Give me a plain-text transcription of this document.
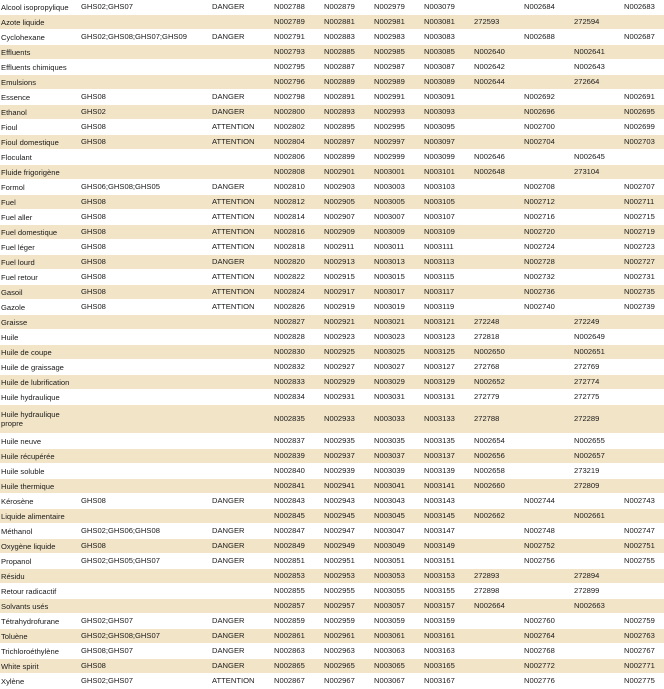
Alcool isopropylique	GHS02;GHS07	DANGER	N002788	N002879	N002979	N003079		N002684		N002683
Azote liquide			N002789	N002881	N002981	N003081	272593		272594	
Cyclohexane	GHS02;GHS08;GHS07;GHS09	DANGER	N002791	N002883	N002983	N003083		N002688		N002687
Effluents			N002793	N002885	N002985	N003085	N002640		N002641	
Effluents chimiques			N002795	N002887	N002987	N003087	N002642		N002643	
Emulsions			N002796	N002889	N002989	N003089	N002644		272664	
Essence	GHS08	DANGER	N002798	N002891	N002991	N003091		N002692		N002691
Ethanol	GHS02	DANGER	N002800	N002893	N002993	N003093		N002696		N002695
Fioul	GHS08	ATTENTION	N002802	N002895	N002995	N003095		N002700		N002699
Fioul domestique	GHS08	ATTENTION	N002804	N002897	N002997	N003097		N002704		N002703
Floculant			N002806	N002899	N002999	N003099	N002646		N002645	
Fluide frigorigène			N002808	N002901	N003001	N003101	N002648		273104	
Formol	GHS06;GHS08;GHS05	DANGER	N002810	N002903	N003003	N003103		N002708		N002707
Fuel	GHS08	ATTENTION	N002812	N002905	N003005	N003105		N002712		N002711
Fuel aller	GHS08	ATTENTION	N002814	N002907	N003007	N003107		N002716		N002715
Fuel domestique	GHS08	ATTENTION	N002816	N002909	N003009	N003109		N002720		N002719
Fuel léger	GHS08	ATTENTION	N002818	N002911	N003011	N003111		N002724		N002723
Fuel lourd	GHS08	DANGER	N002820	N002913	N003013	N003113		N002728		N002727
Fuel retour	GHS08	ATTENTION	N002822	N002915	N003015	N003115		N002732		N002731
Gasoil	GHS08	ATTENTION	N002824	N002917	N003017	N003117		N002736		N002735
Gazole	GHS08	ATTENTION	N002826	N002919	N003019	N003119		N002740		N002739
Graisse			N002827	N002921	N003021	N003121	272248		272249	
Huile			N002828	N002923	N003023	N003123	272818		N002649	
Huile de coupe			N002830	N002925	N003025	N003125	N002650		N002651	
Huile de graissage			N002832	N002927	N003027	N003127	272768		272769	
Huile de lubrification			N002833	N002929	N003029	N003129	N002652		272774	
Huile hydraulique			N002834	N002931	N003031	N003131	272779		272775	
Huile hydraulique propre			N002835	N002933	N003033	N003133	272788		272289	
Huile neuve			N002837	N002935	N003035	N003135	N002654		N002655	
Huile récupérée			N002839	N002937	N003037	N003137	N002656		N002657	
Huile soluble			N002840	N002939	N003039	N003139	N002658		273219	
Huile thermique			N002841	N002941	N003041	N003141	N002660		272809	
Kérosène	GHS08	DANGER	N002843	N002943	N003043	N003143		N002744		N002743
Liquide alimentaire			N002845	N002945	N003045	N003145	N002662		N002661	
Méthanol	GHS02;GHS06;GHS08	DANGER	N002847	N002947	N003047	N003147		N002748		N002747
Oxygène liquide	GHS08	DANGER	N002849	N002949	N003049	N003149		N002752		N002751
Propanol	GHS02;GHS05;GHS07	DANGER	N002851	N002951	N003051	N003151		N002756		N002755
Résidu			N002853	N002953	N003053	N003153	272893		272894	
Retour radicactif			N002855	N002955	N003055	N003155	272898		272899	
Solvants usés			N002857	N002957	N003057	N003157	N002664		N002663	
Tétrahydrofurane	GHS02;GHS07	DANGER	N002859	N002959	N003059	N003159		N002760		N002759
Toluène	GHS02;GHS08;GHS07	DANGER	N002861	N002961	N003061	N003161		N002764		N002763
Trichloroéthylène	GHS08;GHS07	DANGER	N002863	N002963	N003063	N003163		N002768		N002767
White spirit	GHS08	DANGER	N002865	N002965	N003065	N003165		N002772		N002771
Xylène	GHS02;GHS07	ATTENTION	N002867	N002967	N003067	N003167		N002776		N002775
